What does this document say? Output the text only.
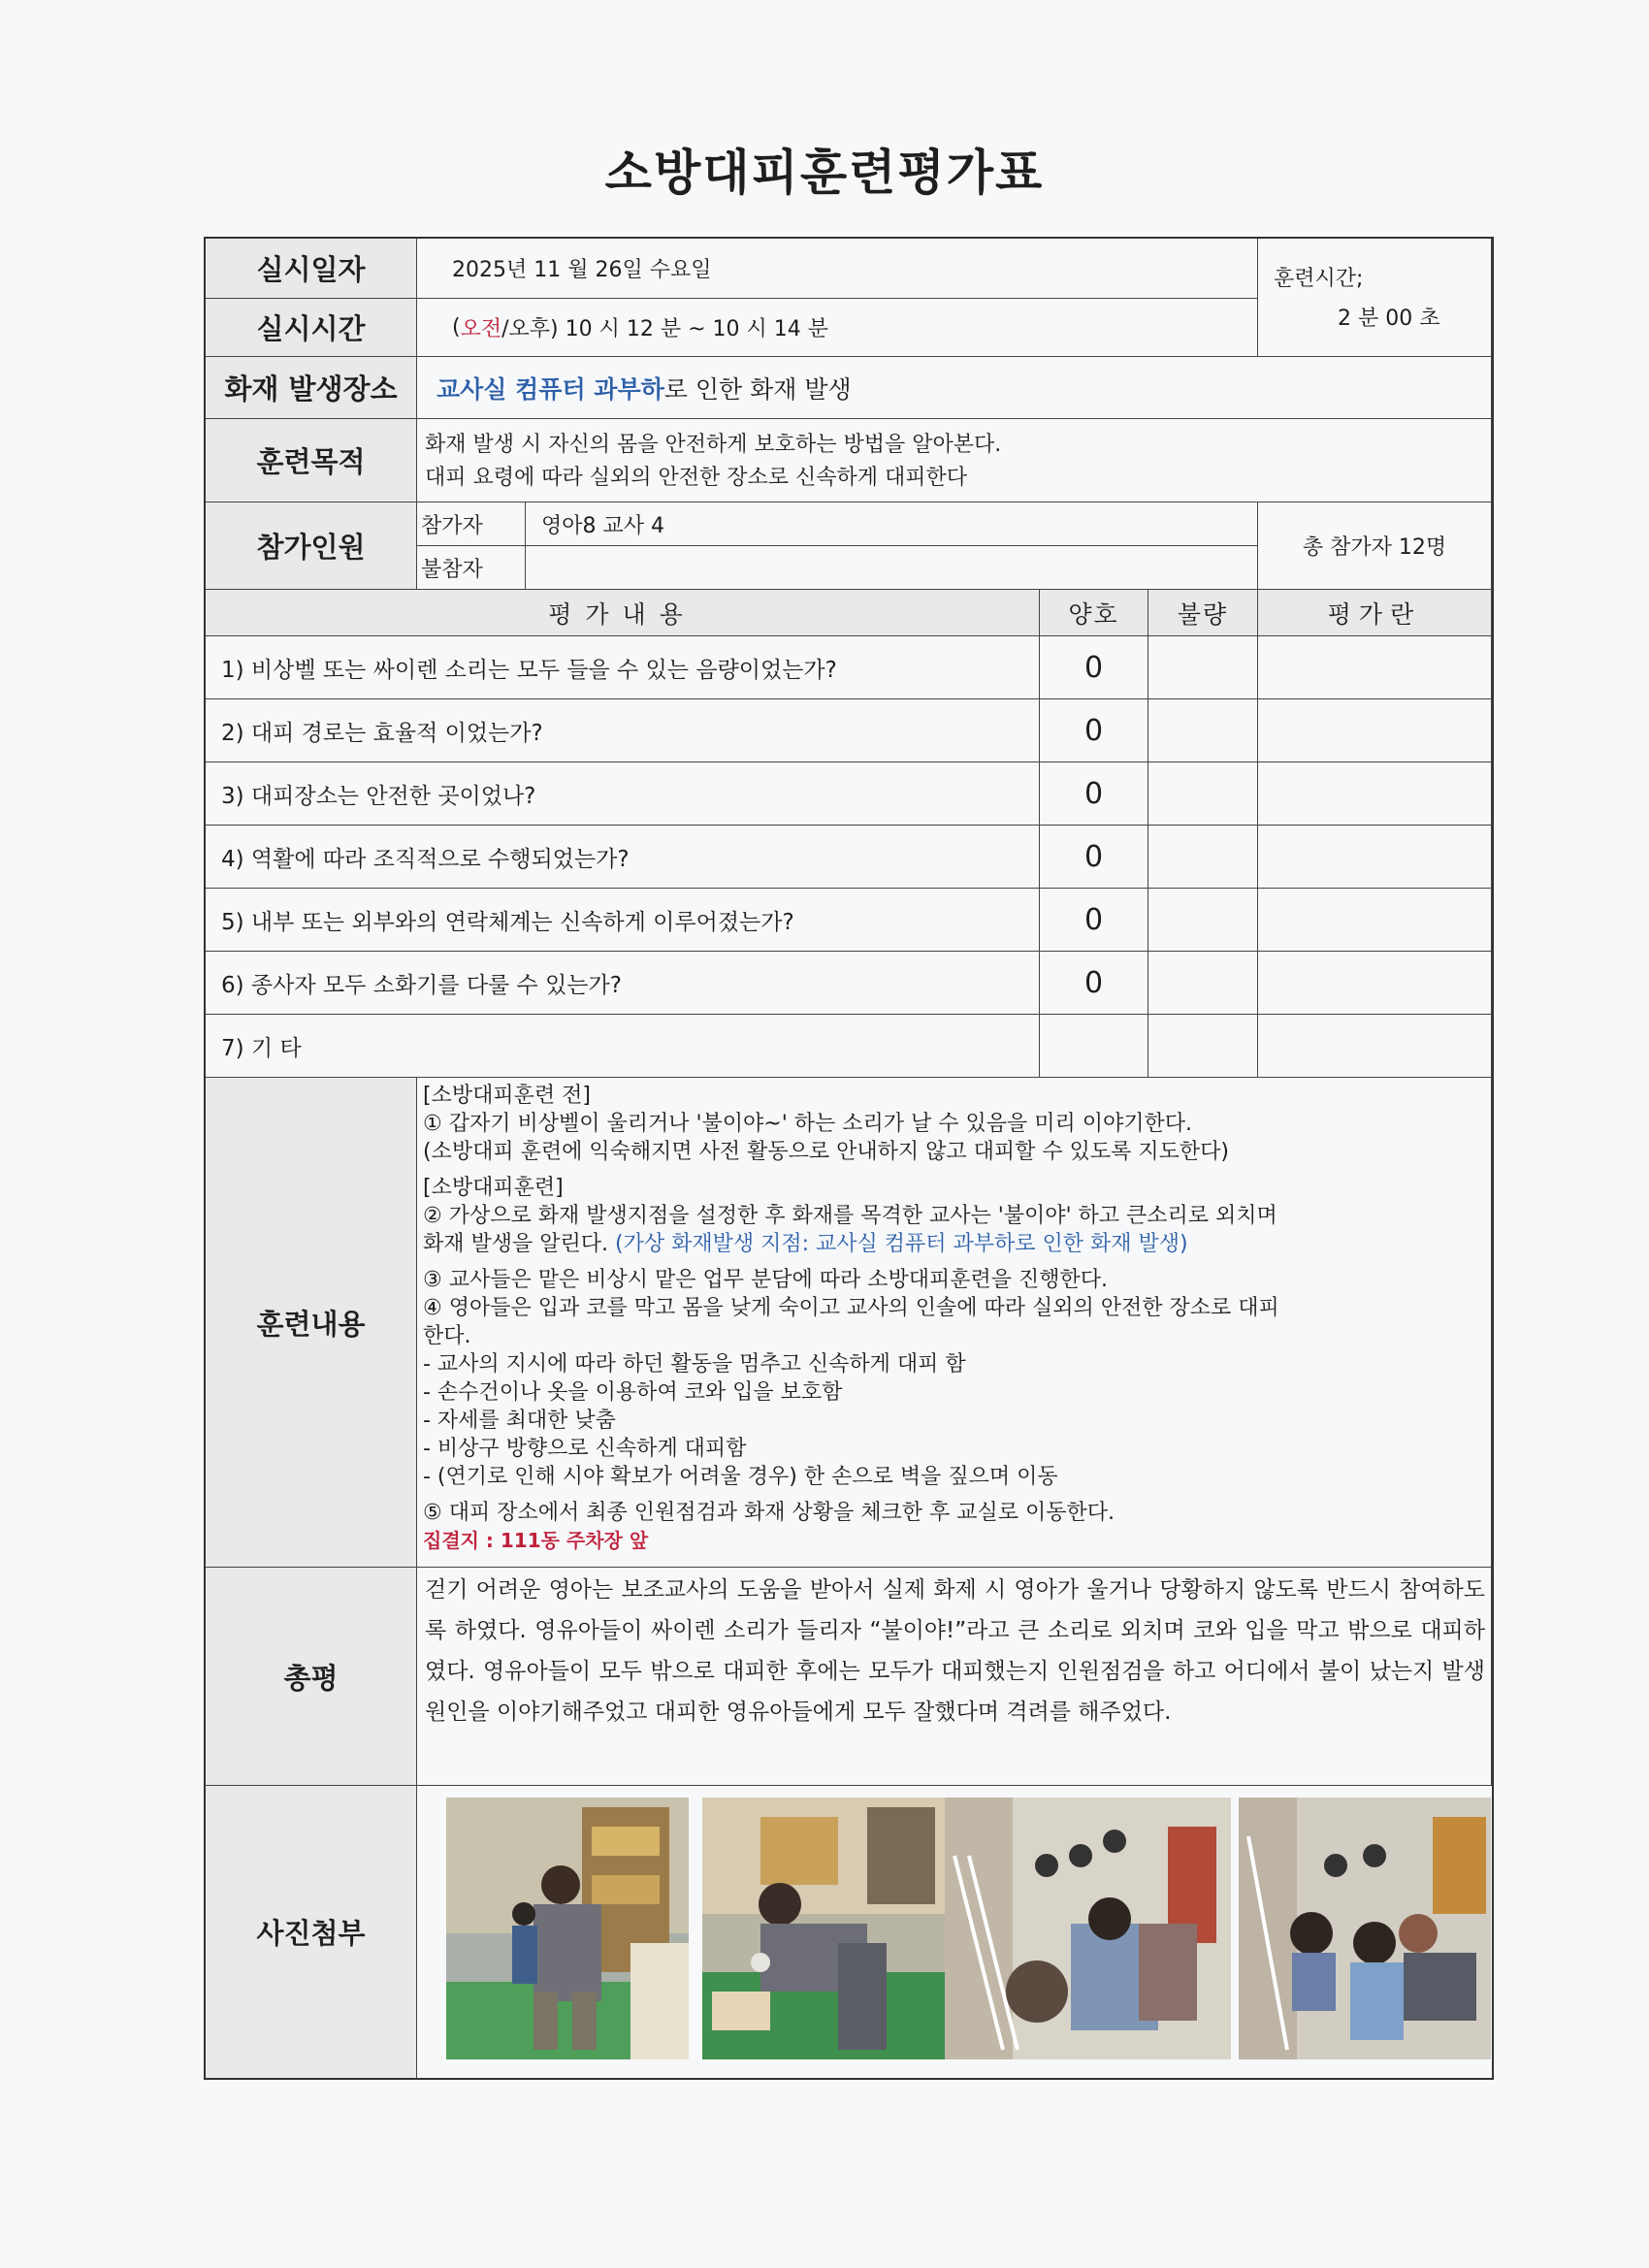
소방대피훈련평가표
실시일자	2025년 11 월 26일 수요일
실시시간	( 오전 /오후) 10 시 12 분 ~ 10 시 14 분
훈련시간;
2 분 00 초
화재 발생장소	교사실 컴퓨터 과부하 로 인한 화재 발생
훈련목적
화재 발생 시 자신의 몸을 안전하게 보호하는 방법을 알아본다.
대피 요령에 따라 실외의 안전한 장소로 신속하게 대피한다
참가인원
참가자	영아8 교사 4
불참자
총 참가자 12명
평가내용	양호	불량	평가란
1) 비상벨 또는 싸이렌 소리는 모두 들을 수 있는 음량이었는가?	0
2) 대피 경로는 효율적 이었는가?	0
3) 대피장소는 안전한 곳이었나?	0
4) 역활에 따라 조직적으로 수행되었는가?	0
5) 내부 또는 외부와의 연락체계는 신속하게 이루어졌는가?	0
6) 종사자 모두 소화기를 다룰 수 있는가?	0
7) 기 타
훈련내용
[소방대피훈련 전]
① 갑자기 비상벨이 울리거나 '불이야~' 하는 소리가 날 수 있음을 미리 이야기한다.
(소방대피 훈련에 익숙해지면 사전 활동으로 안내하지 않고 대피할 수 있도록 지도한다)
[소방대피훈련]
② 가상으로 화재 발생지점을 설정한 후 화재를 목격한 교사는 '불이야' 하고 큰소리로 외치며
화재 발생을 알린다. (가상 화재발생 지점: 교사실 컴퓨터 과부하로 인한 화재 발생)
③ 교사들은 맡은 비상시 맡은 업무 분담에 따라 소방대피훈련을 진행한다.
④ 영아들은 입과 코를 막고 몸을 낮게 숙이고 교사의 인솔에 따라 실외의 안전한 장소로 대피
한다.
- 교사의 지시에 따라 하던 활동을 멈추고 신속하게 대피 함
- 손수건이나 옷을 이용하여 코와 입을 보호함
- 자세를 최대한 낮춤
- 비상구 방향으로 신속하게 대피함
- (연기로 인해 시야 확보가 어려울 경우) 한 손으로 벽을 짚으며 이동
⑤ 대피 장소에서 최종 인원점검과 화재 상황을 체크한 후 교실로 이동한다.
집결지 : 111동 주차장 앞
총평
걷기 어려운 영아는 보조교사의 도움을 받아서 실제 화제 시 영아가 울거나 당황하지 않도록 반드시 참여하도록 하였다. 영유아들이 싸이렌 소리가 들리자 “불이야!”라고 큰 소리로 외치며 코와 입을 막고 밖으로 대피하였다. 영유아들이 모두 밖으로 대피한 후에는 모두가 대피했는지 인원점검을 하고 어디에서 불이 났는지 발생 원인을 이야기해주었고 대피한 영유아들에게 모두 잘했다며 격려를 해주었다.
사진첨부
